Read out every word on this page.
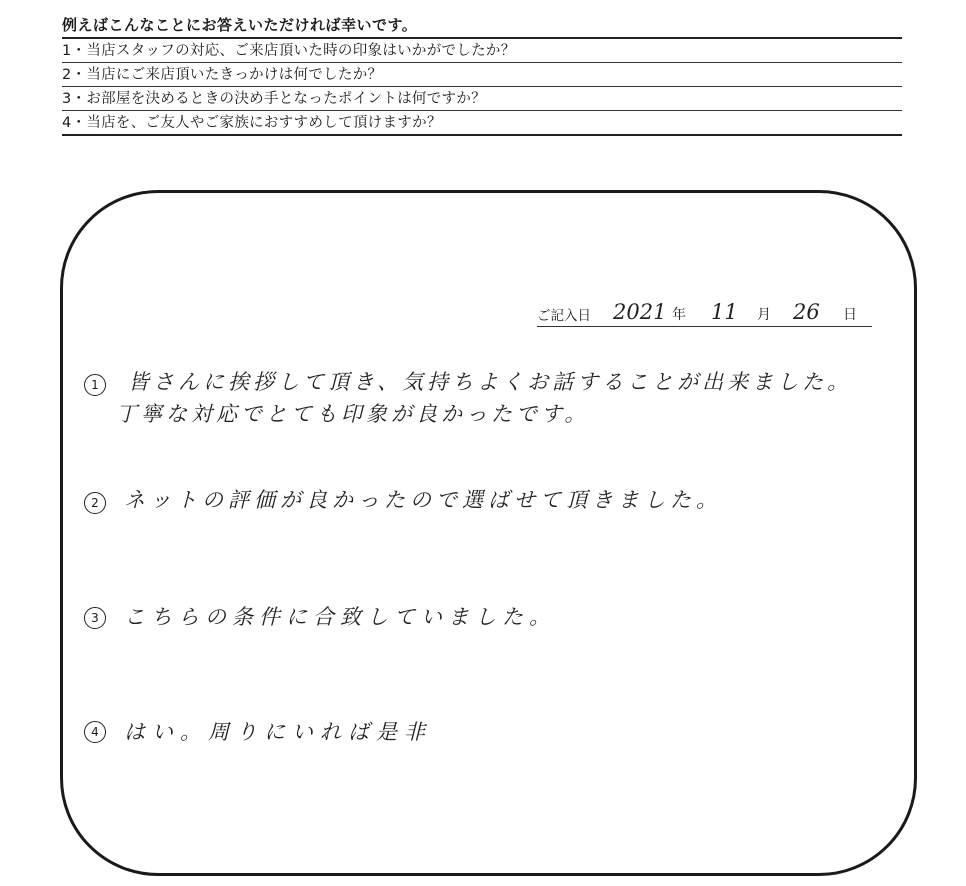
例えばこんなことにお答えいただければ幸いです。
1・当店スタッフの対応、ご来店頂いた時の印象はいかがでしたか？
2・当店にご来店頂いたきっかけは何でしたか？
3・お部屋を決めるときの決め手となったポイントは何ですか？
4・当店を、ご友人やご家族におすすめして頂けますか？
ご記入日 2021 年 11 月 26 日
1	皆さんに挨拶して頂き、気持ちよくお話することが出来ました。
丁寧な対応でとても印象が良かったです。
2	ネットの評価が良かったので選ばせて頂きました。
3	こちらの条件に合致していました。
4	はい。周りにいれば是非
